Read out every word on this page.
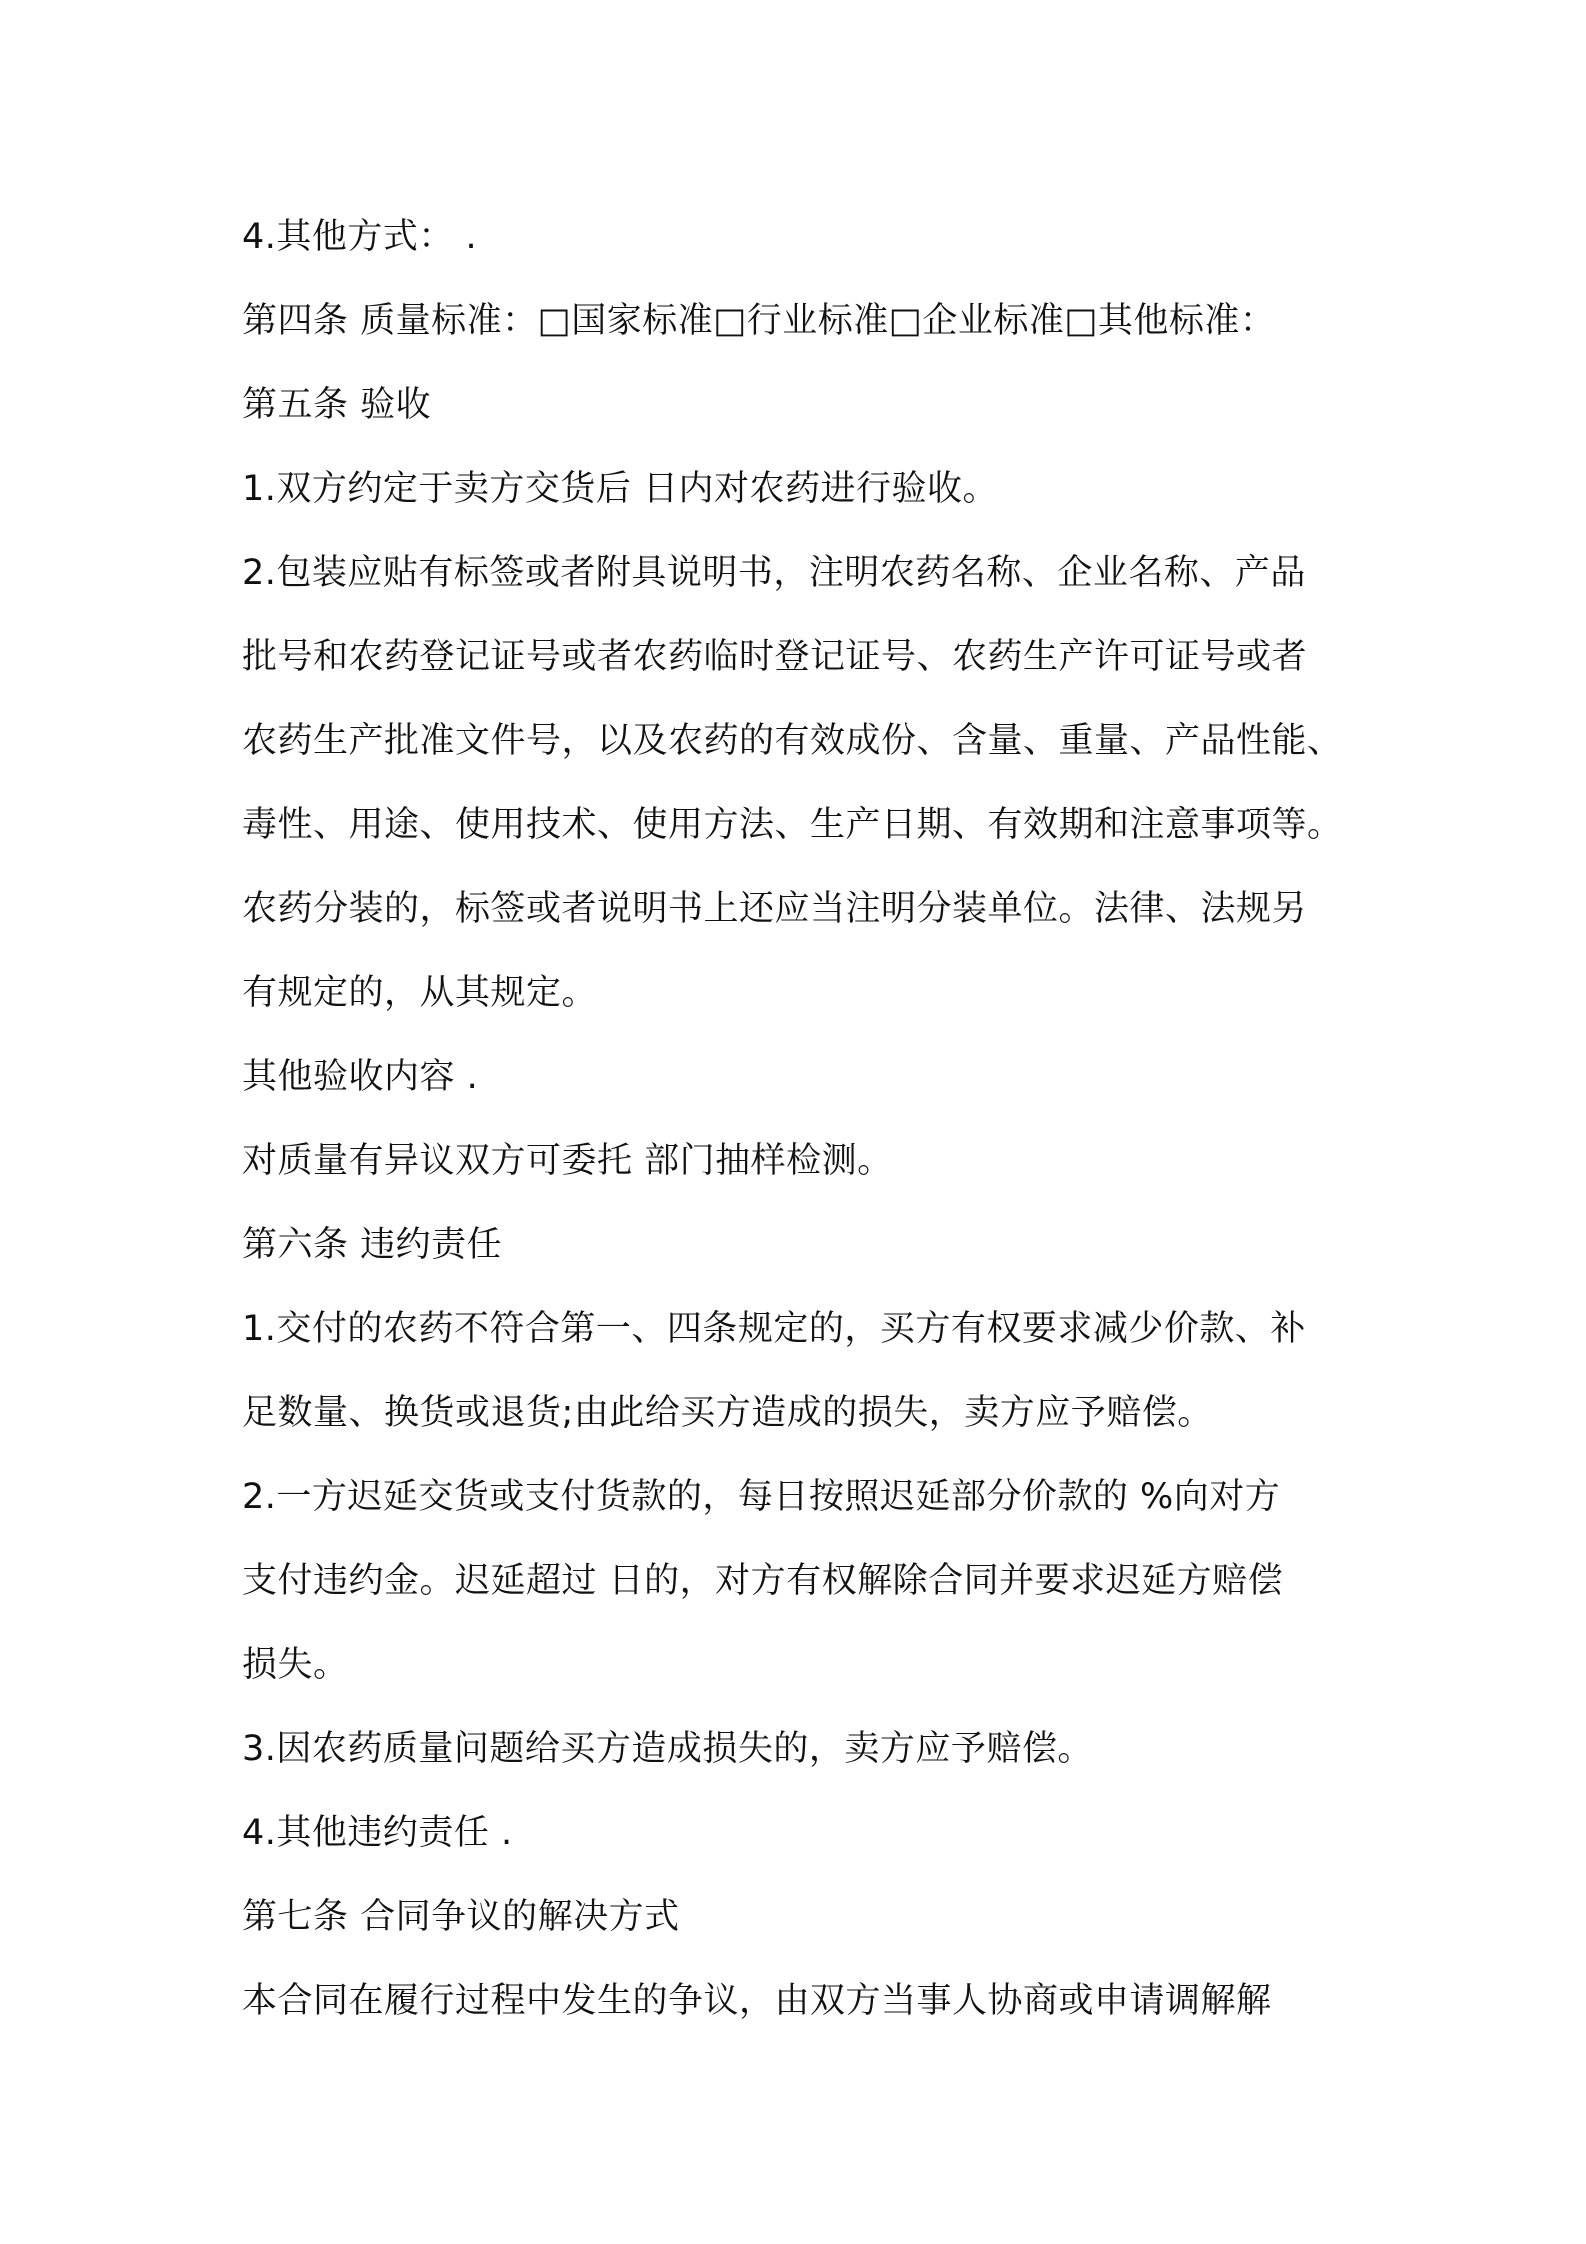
4.其他方式： .
第四条 质量标准：□国家标准□行业标准□企业标准□其他标准：
第五条 验收
1.双方约定于卖方交货后 日内对农药进行验收。
2.包装应贴有标签或者附具说明书，注明农药名称、企业名称、产品
批号和农药登记证号或者农药临时登记证号、农药生产许可证号或者
农药生产批准文件号，以及农药的有效成份、含量、重量、产品性能、
毒性、用途、使用技术、使用方法、生产日期、有效期和注意事项等。
农药分装的，标签或者说明书上还应当注明分装单位。法律、法规另
有规定的，从其规定。
其他验收内容 .
对质量有异议双方可委托 部门抽样检测。
第六条 违约责任
1.交付的农药不符合第一、四条规定的，买方有权要求减少价款、补
足数量、换货或退货;由此给买方造成的损失，卖方应予赔偿。
2.一方迟延交货或支付货款的，每日按照迟延部分价款的 %向对方
支付违约金。迟延超过 日的，对方有权解除合同并要求迟延方赔偿
损失。
3.因农药质量问题给买方造成损失的，卖方应予赔偿。
4.其他违约责任 .
第七条 合同争议的解决方式
本合同在履行过程中发生的争议，由双方当事人协商或申请调解解
